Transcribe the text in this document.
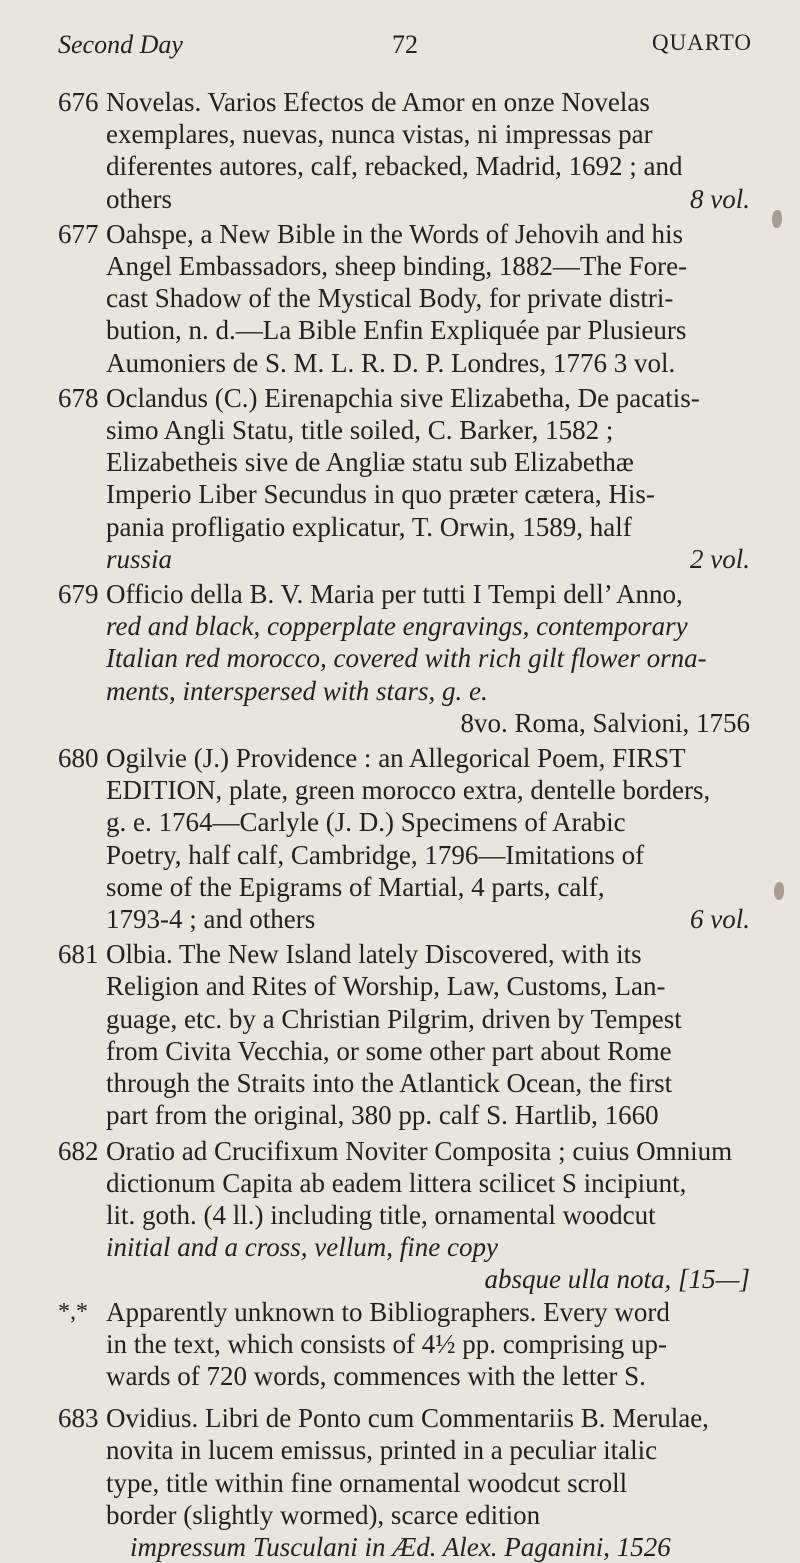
Second Day	72	QUARTO
676 Novelas. Varios Efectos de Amor en onze Novelas
exemplares, nuevas, nunca vistas, ni impressas par
diferentes autores, calf, rebacked, Madrid, 1692 ; and
others	8 vol.
677 Oahspe, a New Bible in the Words of Jehovih and his
Angel Embassadors, sheep binding, 1882—The Fore-
cast Shadow of the Mystical Body, for private distri-
bution, n. d.—La Bible Enfin Expliquée par Plusieurs
Aumoniers de S. M. L. R. D. P. Londres, 1776 3 vol.
678 Oclandus (C.) Eirenapchia sive Elizabetha, De pacatis-
simo Angli Statu, title soiled, C. Barker, 1582 ;
Elizabetheis sive de Angliæ statu sub Elizabethæ
Imperio Liber Secundus in quo præter cætera, His-
pania profligatio explicatur, T. Orwin, 1589, half
russia	2 vol.
679 Officio della B. V. Maria per tutti I Tempi dell’ Anno,
red and black, copperplate engravings, contemporary
Italian red morocco, covered with rich gilt flower orna-
ments, interspersed with stars, g. e.
8vo. Roma, Salvioni, 1756
680 Ogilvie (J.) Providence : an Allegorical Poem, FIRST
EDITION, plate, green morocco extra, dentelle borders,
g. e. 1764—Carlyle (J. D.) Specimens of Arabic
Poetry, half calf, Cambridge, 1796—Imitations of
some of the Epigrams of Martial, 4 parts, calf,
1793-4 ; and others	6 vol.
681 Olbia. The New Island lately Discovered, with its
Religion and Rites of Worship, Law, Customs, Lan-
guage, etc. by a Christian Pilgrim, driven by Tempest
from Civita Vecchia, or some other part about Rome
through the Straits into the Atlantick Ocean, the first
part from the original, 380 pp. calf S. Hartlib, 1660
682 Oratio ad Crucifixum Noviter Composita ; cuius Omnium
dictionum Capita ab eadem littera scilicet S incipiunt,
lit. goth. (4 ll.) including title, ornamental woodcut
initial and a cross, vellum, fine copy
absque ulla nota, [15—]
*,* Apparently unknown to Bibliographers. Every word
in the text, which consists of 4½ pp. comprising up-
wards of 720 words, commences with the letter S.
683 Ovidius. Libri de Ponto cum Commentariis B. Merulae,
novita in lucem emissus, printed in a peculiar italic
type, title within fine ornamental woodcut scroll
border (slightly wormed), scarce edition
impressum Tusculani in Æd. Alex. Paganini, 1526
